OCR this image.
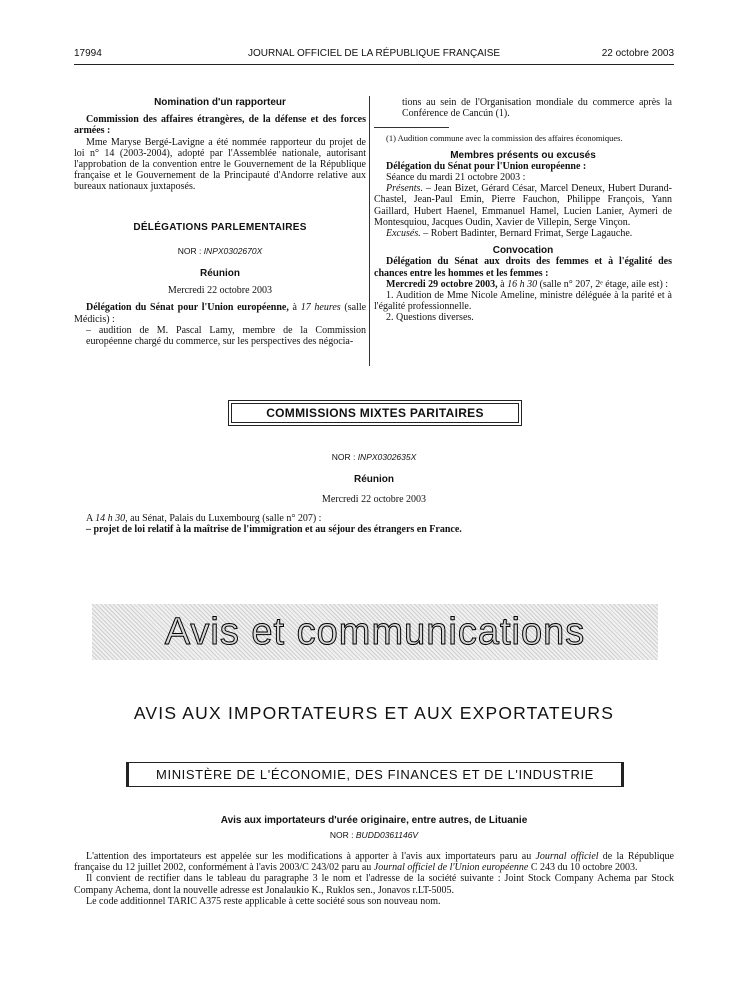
17994	JOURNAL OFFICIEL DE LA RÉPUBLIQUE FRANÇAISE	22 octobre 2003
Nomination d'un rapporteur
Commission des affaires étrangères, de la défense et des forces armées :
Mme Maryse Bergé-Lavigne a été nommée rapporteur du projet de loi n° 14 (2003-2004), adopté par l'Assemblée nationale, autorisant l'approbation de la convention entre le Gouvernement de la République française et le Gouvernement de la Principauté d'Andorre relative aux bureaux nationaux juxtaposés.
DÉLÉGATIONS PARLEMENTAIRES
NOR : INPX0302670X
Réunion
Mercredi 22 octobre 2003
Délégation du Sénat pour l'Union européenne, à 17 heures (salle Médicis) :
– audition de M. Pascal Lamy, membre de la Commission européenne chargé du commerce, sur les perspectives des négocia-
tions au sein de l'Organisation mondiale du commerce après la Conférence de Cancún (1).
(1) Audition commune avec la commission des affaires économiques.
Membres présents ou excusés
Délégation du Sénat pour l'Union européenne :
Séance du mardi 21 octobre 2003 :
Présents. – Jean Bizet, Gérard César, Marcel Deneux, Hubert Durand-Chastel, Jean-Paul Emin, Pierre Fauchon, Philippe François, Yann Gaillard, Hubert Haenel, Emmanuel Hamel, Lucien Lanier, Aymeri de Montesquiou, Jacques Oudin, Xavier de Villepin, Serge Vinçon.
Excusés. – Robert Badinter, Bernard Frimat, Serge Lagauche.
Convocation
Délégation du Sénat aux droits des femmes et à l'égalité des chances entre les hommes et les femmes :
Mercredi 29 octobre 2003, à 16 h 30 (salle n° 207, 2ᵉ étage, aile est) :
1. Audition de Mme Nicole Ameline, ministre déléguée à la parité et à l'égalité professionnelle.
2. Questions diverses.
COMMISSIONS MIXTES PARITAIRES
NOR : INPX0302635X
Réunion
Mercredi 22 octobre 2003
A 14 h 30, au Sénat, Palais du Luxembourg (salle n° 207) :
– projet de loi relatif à la maîtrise de l'immigration et au séjour des étrangers en France.
Avis et communications
AVIS AUX IMPORTATEURS ET AUX EXPORTATEURS
MINISTÈRE DE L'ÉCONOMIE, DES FINANCES ET DE L'INDUSTRIE
Avis aux importateurs d'urée originaire, entre autres, de Lituanie
NOR : BUDD0361146V
L'attention des importateurs est appelée sur les modifications à apporter à l'avis aux importateurs paru au Journal officiel de la République française du 12 juillet 2002, conformément à l'avis 2003/C 243/02 paru au Journal officiel de l'Union européenne C 243 du 10 octobre 2003.
Il convient de rectifier dans le tableau du paragraphe 3 le nom et l'adresse de la société suivante : Joint Stock Company Achema par Stock Company Achema, dont la nouvelle adresse est Jonalaukio K., Ruklos sen., Jonavos r.LT-5005.
Le code additionnel TARIC A375 reste applicable à cette société sous son nouveau nom.
